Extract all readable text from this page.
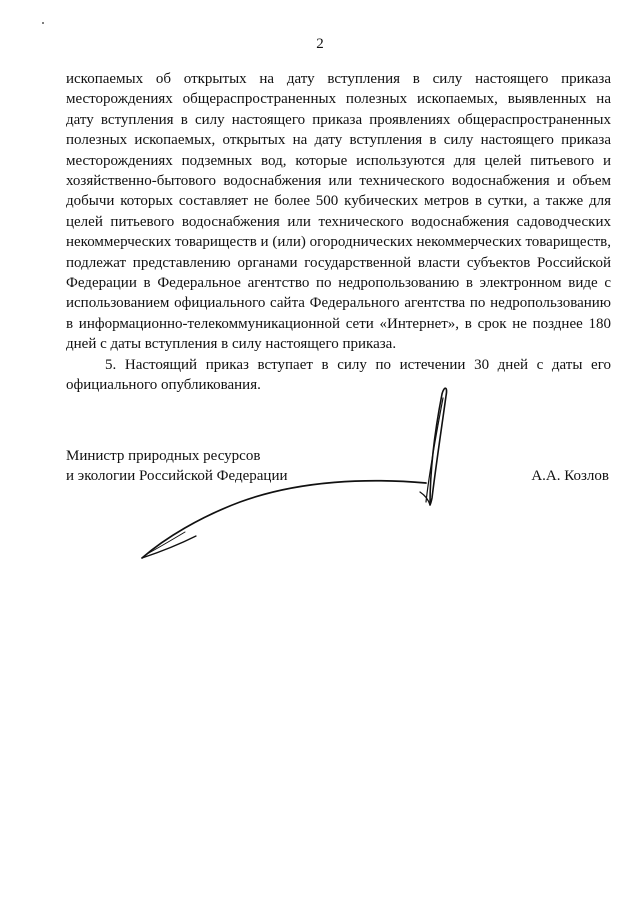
2

ископаемых об открытых на дату вступления в силу настоящего приказа месторождениях общераспространенных полезных ископаемых, выявленных на дату вступления в силу настоящего приказа проявлениях общераспространенных полезных ископаемых, открытых на дату вступления в силу настоящего приказа месторождениях подземных вод, которые используются для целей питьевого и хозяйственно-бытового водоснабжения или технического водоснабжения и объем добычи которых составляет не более 500 кубических метров в сутки, а также для целей питьевого водоснабжения или технического водоснабжения садоводческих некоммерческих товариществ и (или) огороднических некоммерческих товариществ, подлежат представлению органами государственной власти субъектов Российской Федерации в Федеральное агентство по недропользованию в электронном виде с использованием официального сайта Федерального агентства по недропользованию в информационно-телекоммуникационной сети «Интернет», в срок не позднее 180 дней с даты вступления в силу настоящего приказа.

5. Настоящий приказ вступает в силу по истечении 30 дней с даты его официального опубликования.

Министр природных ресурсов
и экологии Российской Федерации	А.А. Козлов
